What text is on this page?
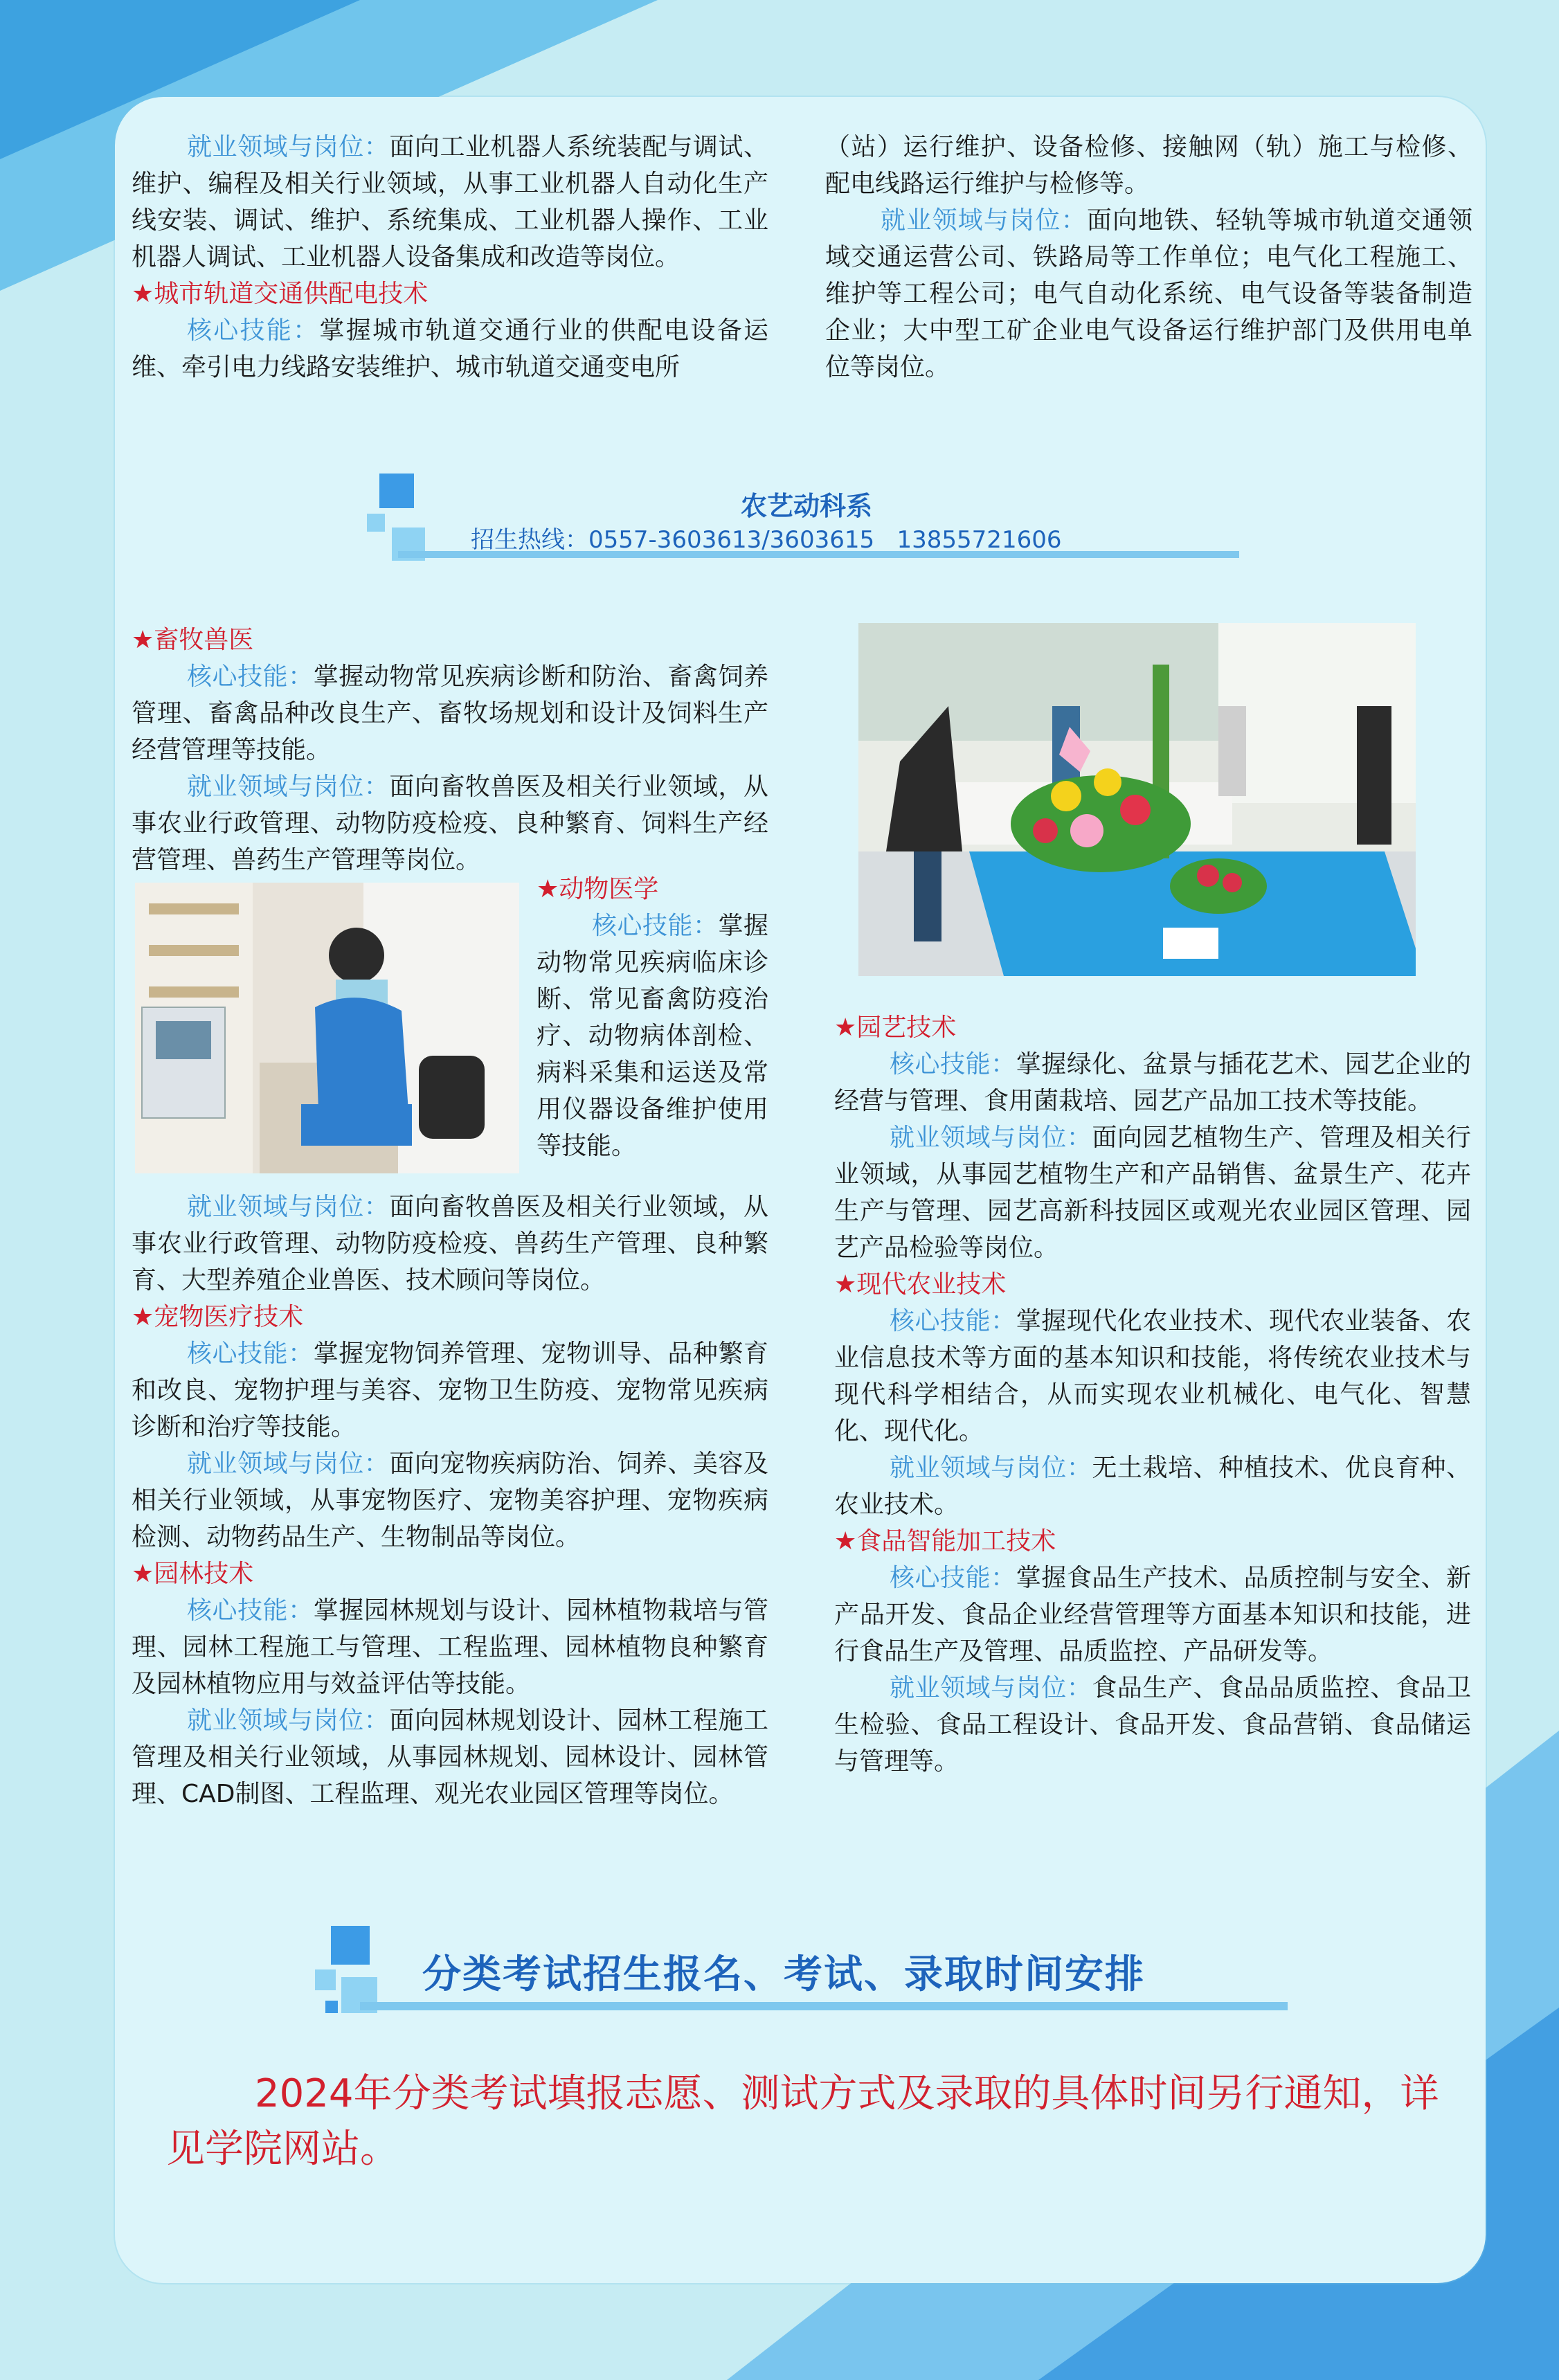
就业领域与岗位：面向工业机器人系统装配与调试、维护、编程及相关行业领域，从事工业机器人自动化生产线安装、调试、维护、系统集成、工业机器人操作、工业机器人调试、工业机器人设备集成和改造等岗位。

★城市轨道交通供配电技术

核心技能：掌握城市轨道交通行业的供配电设备运维、牵引电力线路安装维护、城市轨道交通变电所

（站）运行维护、设备检修、接触网（轨）施工与检修、配电线路运行维护与检修等。

就业领域与岗位：面向地铁、轻轨等城市轨道交通领域交通运营公司、铁路局等工作单位；电气化工程施工、维护等工程公司；电气自动化系统、电气设备等装备制造企业；大中型工矿企业电气设备运行维护部门及供用电单位等岗位。

农艺动科系
招生热线：0557-3603613/3603615   13855721606

★畜牧兽医

核心技能：掌握动物常见疾病诊断和防治、畜禽饲养管理、畜禽品种改良生产、畜牧场规划和设计及饲料生产经营管理等技能。

就业领域与岗位：面向畜牧兽医及相关行业领域，从事农业行政管理、动物防疫检疫、良种繁育、饲料生产经营管理、兽药生产管理等岗位。

★动物医学

核心技能：掌握动物常见疾病临床诊断、常见畜禽防疫治疗、动物病体剖检、病料采集和运送及常用仪器设备维护使用等技能。

就业领域与岗位：面向畜牧兽医及相关行业领域，从事农业行政管理、动物防疫检疫、兽药生产管理、良种繁育、大型养殖企业兽医、技术顾问等岗位。

★宠物医疗技术

核心技能：掌握宠物饲养管理、宠物训导、品种繁育和改良、宠物护理与美容、宠物卫生防疫、宠物常见疾病诊断和治疗等技能。

就业领域与岗位：面向宠物疾病防治、饲养、美容及相关行业领域，从事宠物医疗、宠物美容护理、宠物疾病检测、动物药品生产、生物制品等岗位。

★园林技术

核心技能：掌握园林规划与设计、园林植物栽培与管理、园林工程施工与管理、工程监理、园林植物良种繁育及园林植物应用与效益评估等技能。

就业领域与岗位：面向园林规划设计、园林工程施工管理及相关行业领域，从事园林规划、园林设计、园林管理、CAD制图、工程监理、观光农业园区管理等岗位。

★园艺技术

核心技能：掌握绿化、盆景与插花艺术、园艺企业的经营与管理、食用菌栽培、园艺产品加工技术等技能。

就业领域与岗位：面向园艺植物生产、管理及相关行业领域，从事园艺植物生产和产品销售、盆景生产、花卉生产与管理、园艺高新科技园区或观光农业园区管理、园艺产品检验等岗位。

★现代农业技术

核心技能：掌握现代化农业技术、现代农业装备、农业信息技术等方面的基本知识和技能，将传统农业技术与现代科学相结合，从而实现农业机械化、电气化、智慧化、现代化。

就业领域与岗位：无土栽培、种植技术、优良育种、农业技术。

★食品智能加工技术

核心技能：掌握食品生产技术、品质控制与安全、新产品开发、食品企业经营管理等方面基本知识和技能，进行食品生产及管理、品质监控、产品研发等。

就业领域与岗位：食品生产、食品品质监控、食品卫生检验、食品工程设计、食品开发、食品营销、食品储运与管理等。

分类考试招生报名、考试、录取时间安排
2024年分类考试填报志愿、测试方式及录取的具体时间另行通知，详见学院网站。
